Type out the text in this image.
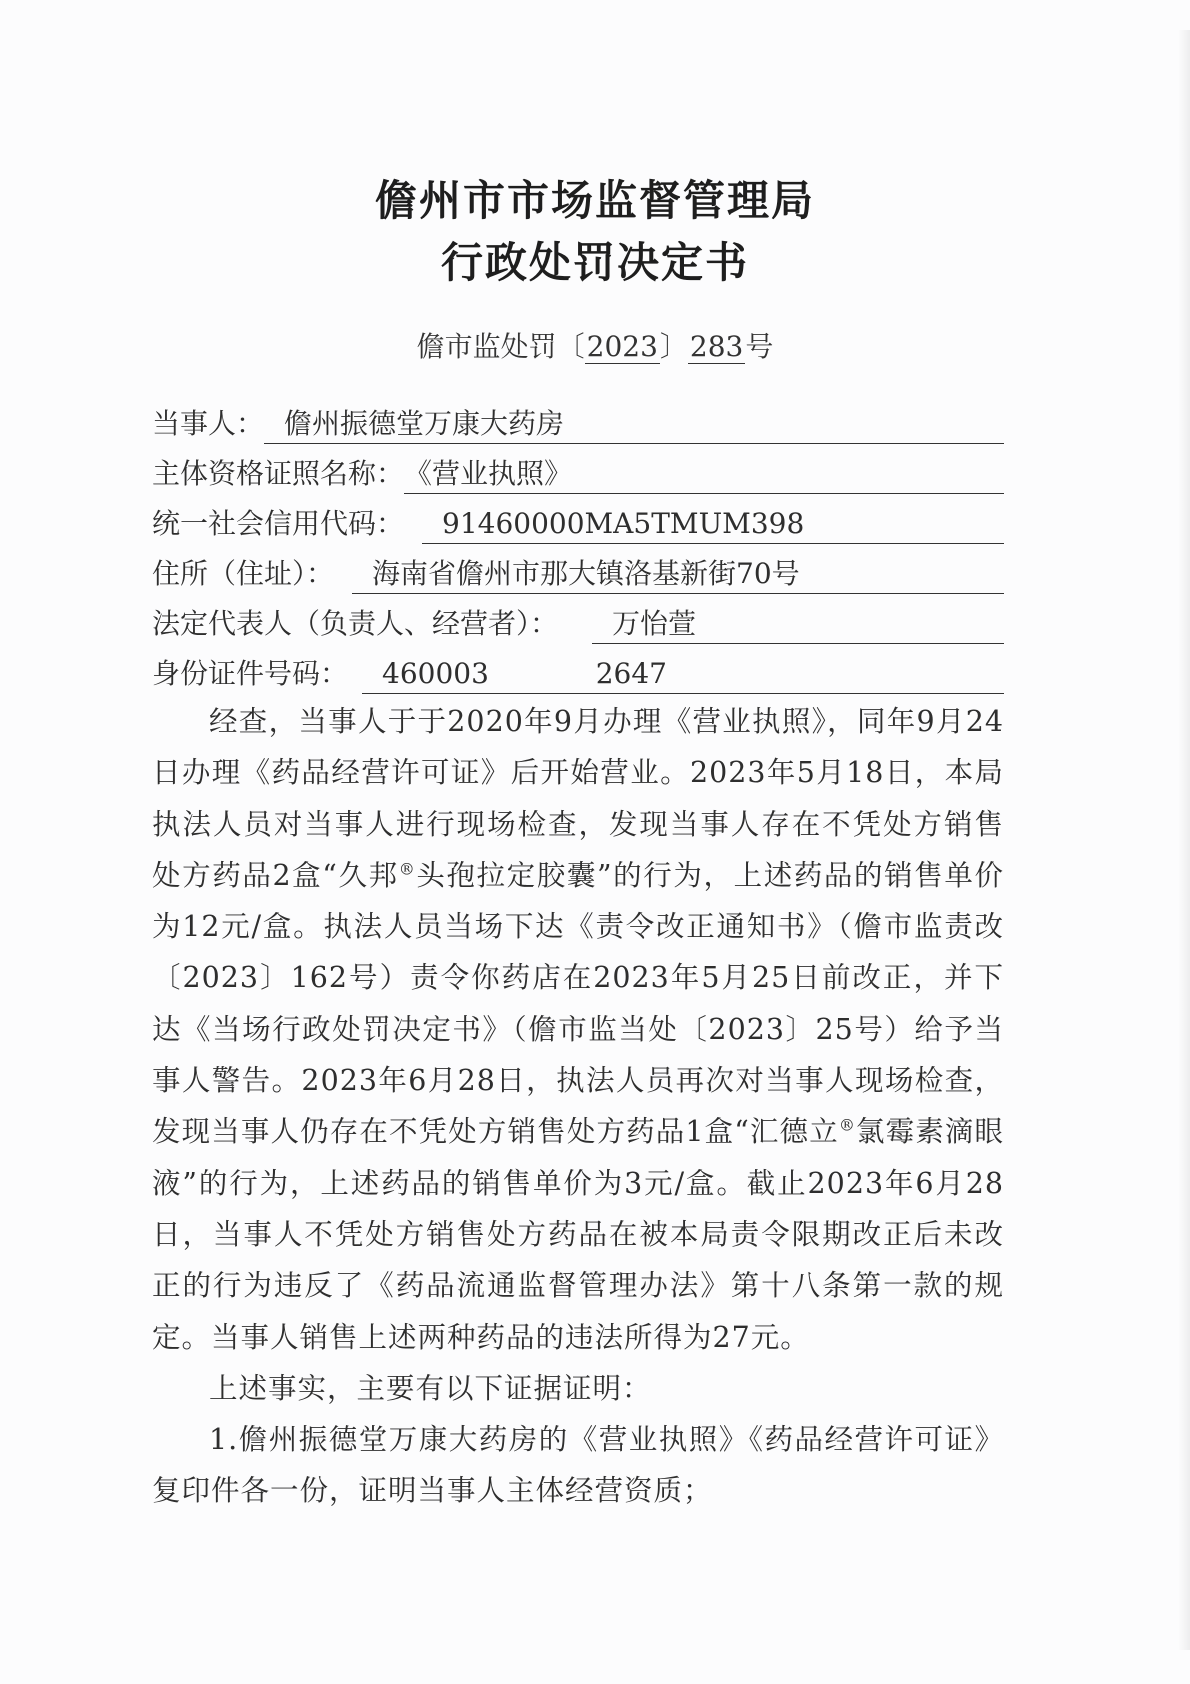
儋州市市场监督管理局
行政处罚决定书
儋市监处罚〔2023〕283号
当事人： 儋州振德堂万康大药房
主体资格证照名称： 《营业执照》
统一社会信用代码：	91460000MA5TMUM398
住所（住址）：	海南省儋州市那大镇洛基新街70号
法定代表人（负责人、经营者）：	万怡萱
身份证件号码：	460003            2647

经查，当事人于于2020年9月办理《营业执照》，同年9月24日办理《药品经营许可证》后开始营业。2023年5月18日，本局执法人员对当事人进行现场检查，发现当事人存在不凭处方销售处方药品2盒“久邦®头孢拉定胶囊”的行为，上述药品的销售单价为12元/盒。执法人员当场下达《责令改正通知书》（儋市监责改〔2023〕162号）责令你药店在2023年5月25日前改正，并下达《当场行政处罚决定书》（儋市监当处〔2023〕25号）给予当事人警告。2023年6月28日，执法人员再次对当事人现场检查，发现当事人仍存在不凭处方销售处方药品1盒“汇德立®氯霉素滴眼液”的行为，上述药品的销售单价为3元/盒。截止2023年6月28日，当事人不凭处方销售处方药品在被本局责令限期改正后未改正的行为违反了《药品流通监督管理办法》第十八条第一款的规定。当事人销售上述两种药品的违法所得为27元。

上述事实，主要有以下证据证明：

1.儋州振德堂万康大药房的《营业执照》《药品经营许可证》复印件各一份，证明当事人主体经营资质；
